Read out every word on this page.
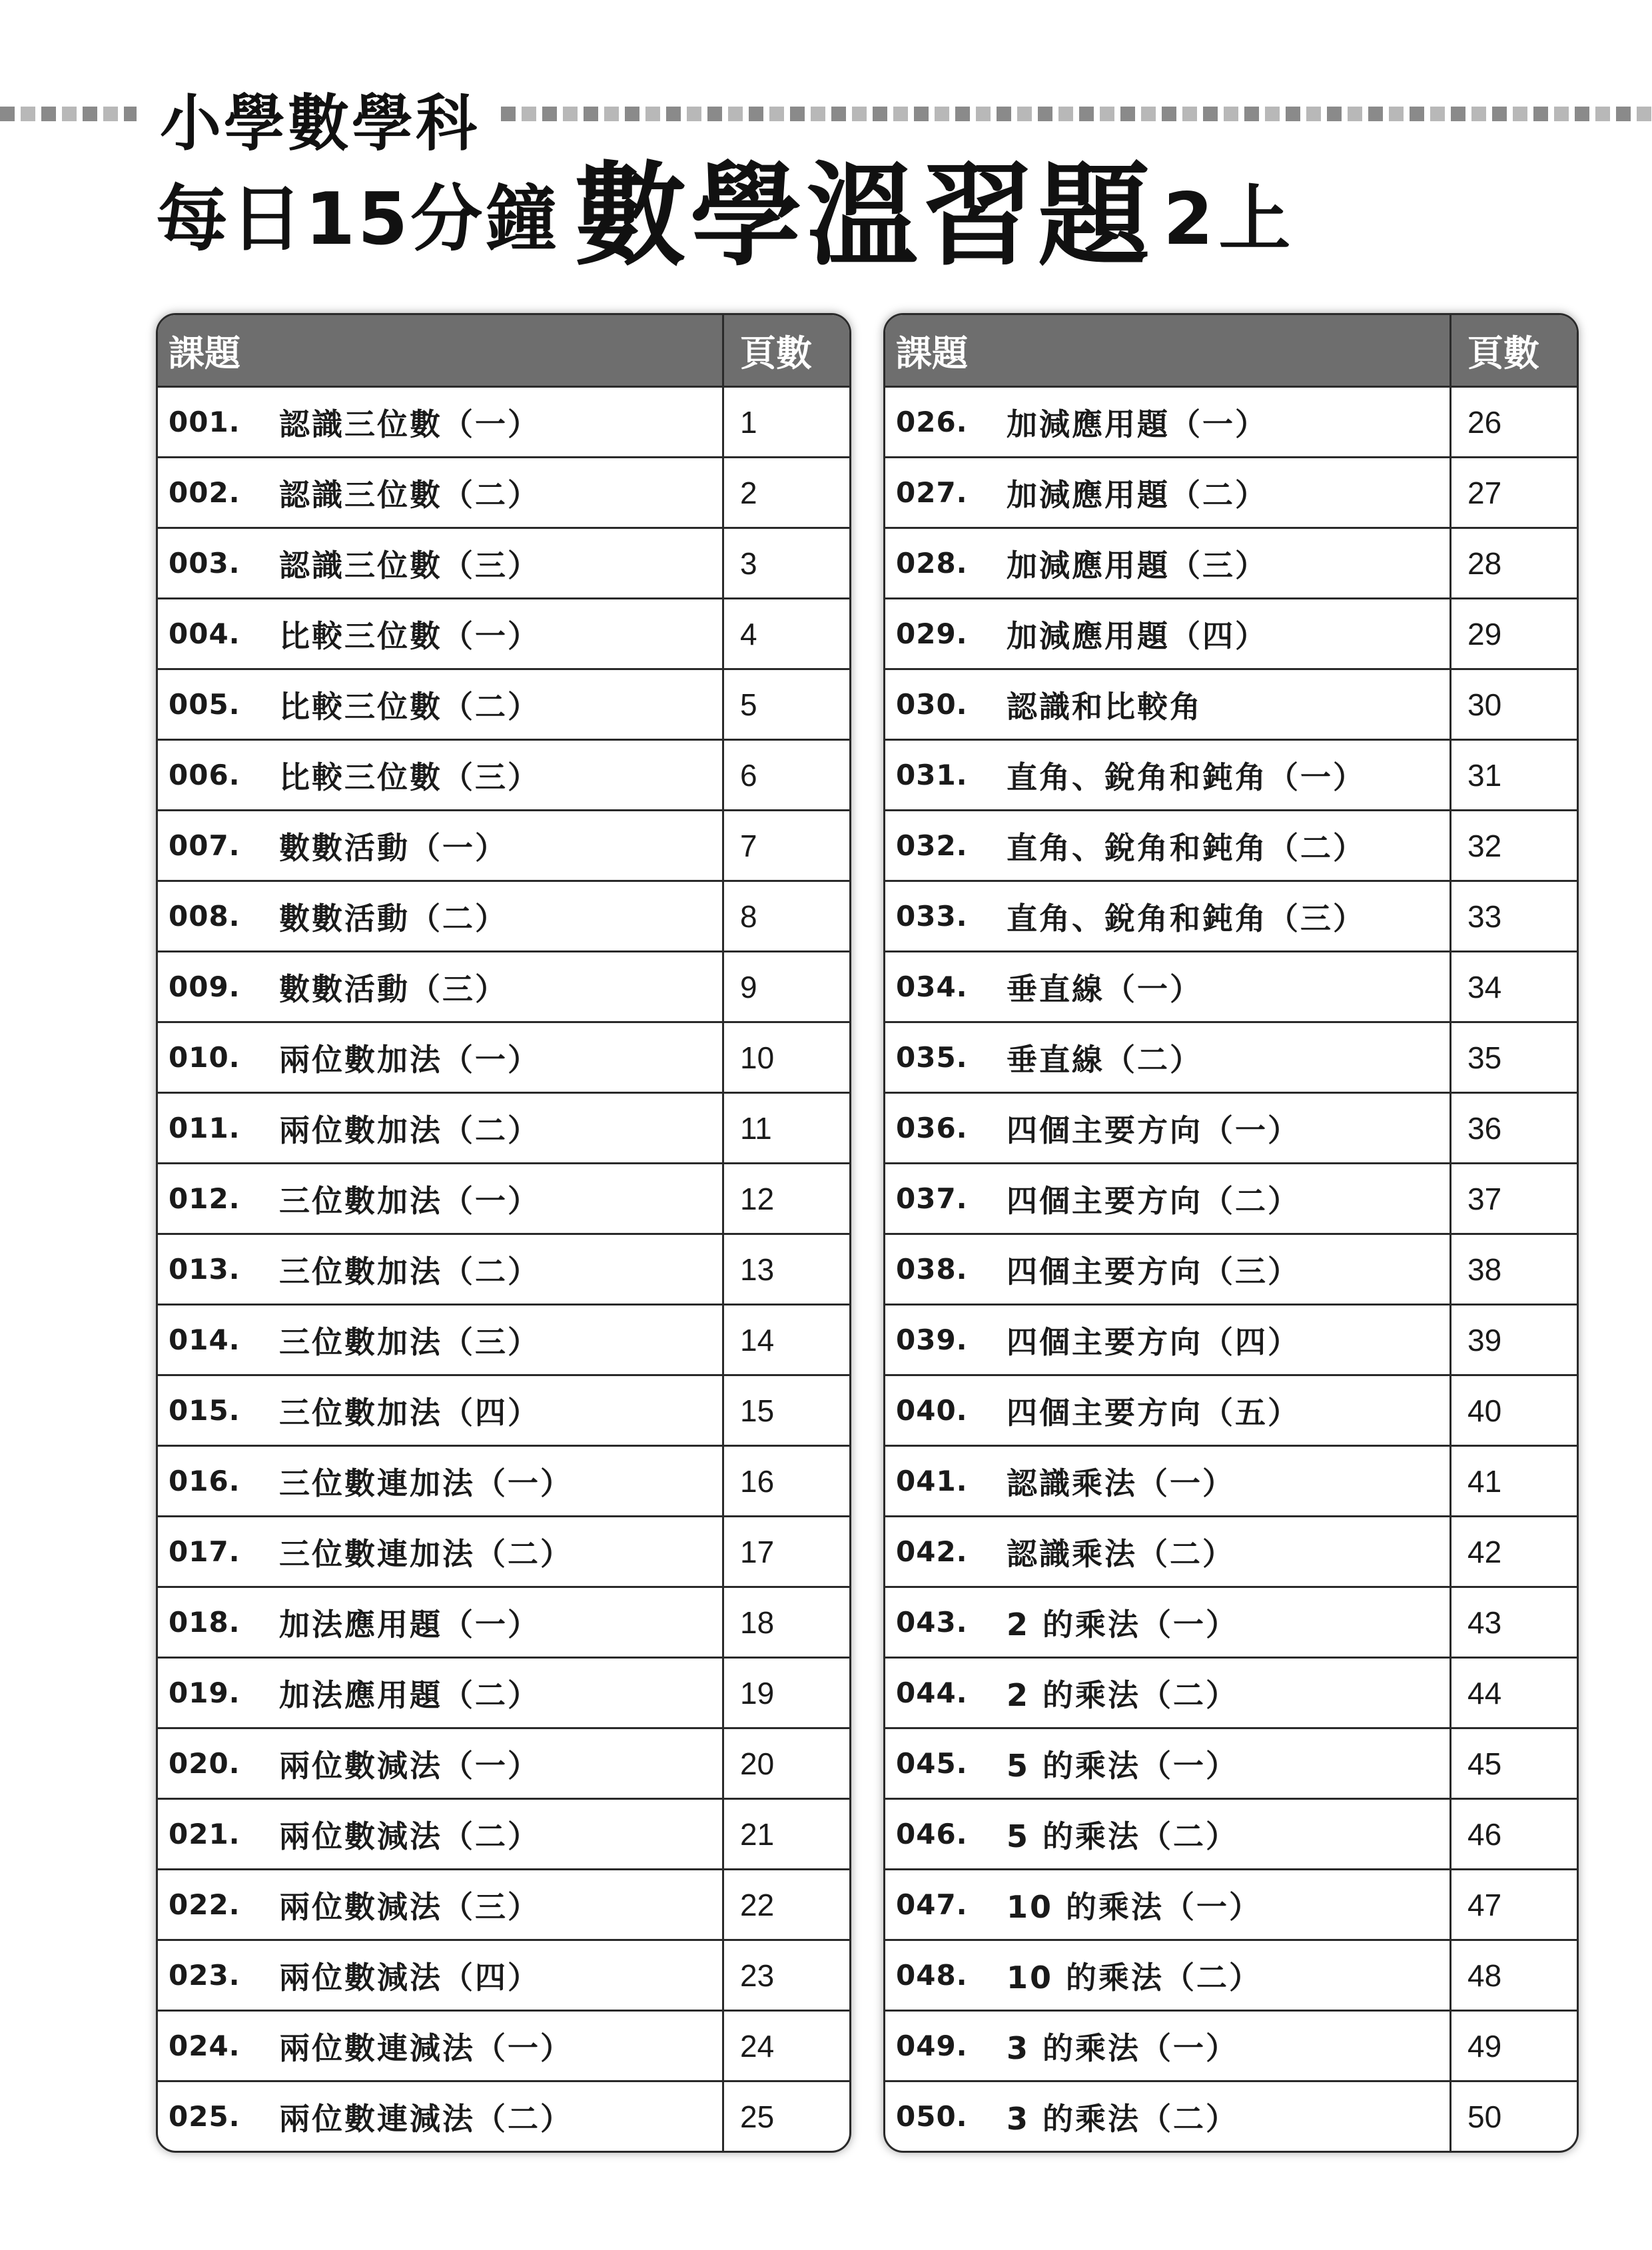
小學數學科
每日15分鐘 數學溫習題 2上
課題	頁數
001.	認識三位數（一）	1
002.	認識三位數（二）	2
003.	認識三位數（三）	3
004.	比較三位數（一）	4
005.	比較三位數（二）	5
006.	比較三位數（三）	6
007.	數數活動（一）	7
008.	數數活動（二）	8
009.	數數活動（三）	9
010.	兩位數加法（一）	10
011.	兩位數加法（二）	11
012.	三位數加法（一）	12
013.	三位數加法（二）	13
014.	三位數加法（三）	14
015.	三位數加法（四）	15
016.	三位數連加法（一）	16
017.	三位數連加法（二）	17
018.	加法應用題（一）	18
019.	加法應用題（二）	19
020.	兩位數減法（一）	20
021.	兩位數減法（二）	21
022.	兩位數減法（三）	22
023.	兩位數減法（四）	23
024.	兩位數連減法（一）	24
025.	兩位數連減法（二）	25
課題	頁數
026.	加減應用題（一）	26
027.	加減應用題（二）	27
028.	加減應用題（三）	28
029.	加減應用題（四）	29
030.	認識和比較角	30
031.	直角、銳角和鈍角（一）	31
032.	直角、銳角和鈍角（二）	32
033.	直角、銳角和鈍角（三）	33
034.	垂直線（一）	34
035.	垂直線（二）	35
036.	四個主要方向（一）	36
037.	四個主要方向（二）	37
038.	四個主要方向（三）	38
039.	四個主要方向（四）	39
040.	四個主要方向（五）	40
041.	認識乘法（一）	41
042.	認識乘法（二）	42
043.	2 的乘法（一）	43
044.	2 的乘法（二）	44
045.	5 的乘法（一）	45
046.	5 的乘法（二）	46
047.	10 的乘法（一）	47
048.	10 的乘法（二）	48
049.	3 的乘法（一）	49
050.	3 的乘法（二）	50
